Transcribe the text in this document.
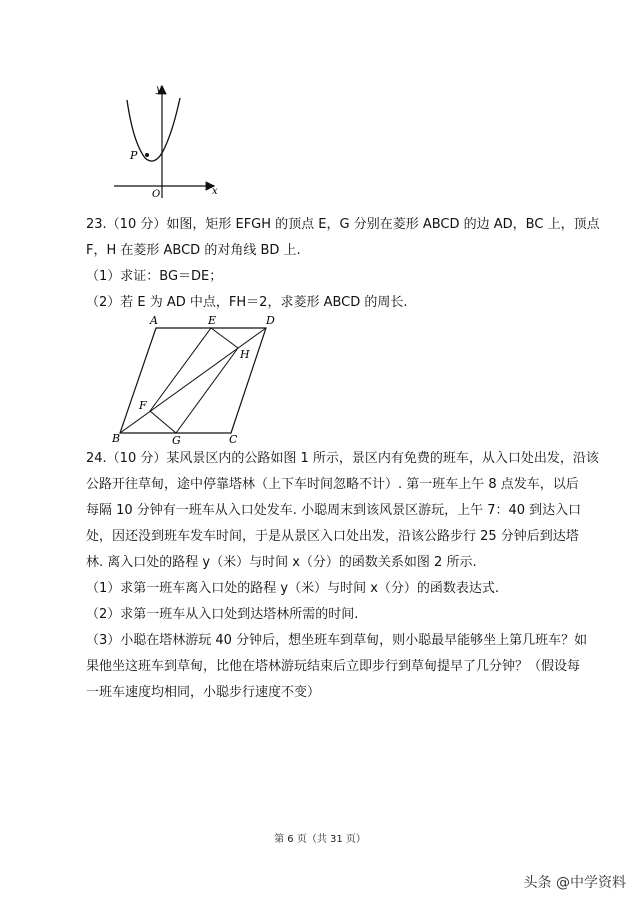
P
y
x
O
23.（10 分）如图，矩形 EFGH 的顶点 E，G 分别在菱形 ABCD 的边 AD，BC 上，顶点
F，H 在菱形 ABCD 的对角线 BD 上.
（1）求证：BG＝DE；
（2）若 E 为 AD 中点，FH＝2，求菱形 ABCD 的周长.
A	E	D
H
F
B	G	C
24.（10 分）某风景区内的公路如图 1 所示，景区内有免费的班车，从入口处出发，沿该
公路开往草甸，途中停靠塔林（上下车时间忽略不计）. 第一班车上午 8 点发车，以后
每隔 10 分钟有一班车从入口处发车. 小聪周末到该风景区游玩，上午 7：40 到达入口
处，因还没到班车发车时间，于是从景区入口处出发，沿该公路步行 25 分钟后到达塔
林. 离入口处的路程 y（米）与时间 x（分）的函数关系如图 2 所示.
（1）求第一班车离入口处的路程 y（米）与时间 x（分）的函数表达式.
（2）求第一班车从入口处到达塔林所需的时间.
（3）小聪在塔林游玩 40 分钟后，想坐班车到草甸，则小聪最早能够坐上第几班车？如
果他坐这班车到草甸，比他在塔林游玩结束后立即步行到草甸提早了几分钟？（假设每
一班车速度均相同，小聪步行速度不变）
第 6 页（共 31 页）
头条 @中学资料
